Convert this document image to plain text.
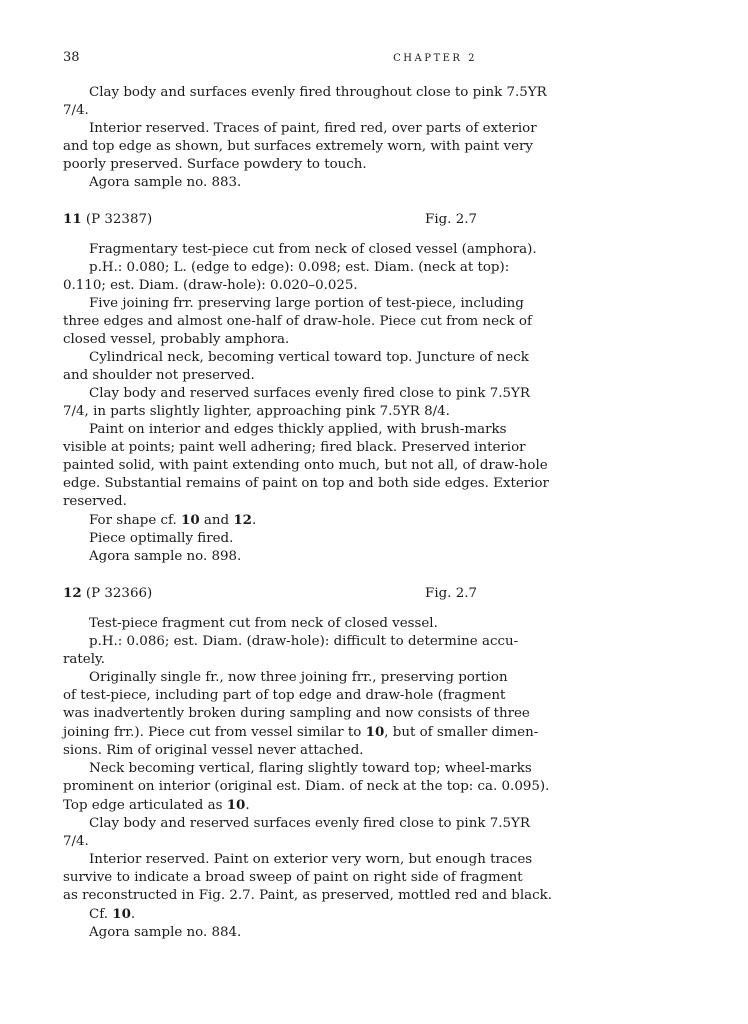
38	CHAPTER 2

Clay body and surfaces evenly fired throughout close to pink 7.5YR

7/4.

Interior reserved. Traces of paint, fired red, over parts of exterior

and top edge as shown, but surfaces extremely worn, with paint very

poorly preserved. Surface powdery to touch.

Agora sample no. 883.

11 (P 32387)	Fig. 2.7

Fragmentary test-piece cut from neck of closed vessel (amphora).

p.H.: 0.080; L. (edge to edge): 0.098; est. Diam. (neck at top):

0.110; est. Diam. (draw-hole): 0.020–0.025.

Five joining frr. preserving large portion of test-piece, including

three edges and almost one-half of draw-hole. Piece cut from neck of

closed vessel, probably amphora.

Cylindrical neck, becoming vertical toward top. Juncture of neck

and shoulder not preserved.

Clay body and reserved surfaces evenly fired close to pink 7.5YR

7/4, in parts slightly lighter, approaching pink 7.5YR 8/4.

Paint on interior and edges thickly applied, with brush-marks

visible at points; paint well adhering; fired black. Preserved interior

painted solid, with paint extending onto much, but not all, of draw-hole

edge. Substantial remains of paint on top and both side edges. Exterior

reserved.

For shape cf. 10 and 12.

Piece optimally fired.

Agora sample no. 898.

12 (P 32366)	Fig. 2.7

Test-piece fragment cut from neck of closed vessel.

p.H.: 0.086; est. Diam. (draw-hole): difficult to determine accu-

rately.

Originally single fr., now three joining frr., preserving portion

of test-piece, including part of top edge and draw-hole (fragment

was inadvertently broken during sampling and now consists of three

joining frr.). Piece cut from vessel similar to 10, but of smaller dimen-

sions. Rim of original vessel never attached.

Neck becoming vertical, flaring slightly toward top; wheel-marks

prominent on interior (original est. Diam. of neck at the top: ca. 0.095).

Top edge articulated as 10.

Clay body and reserved surfaces evenly fired close to pink 7.5YR

7/4.

Interior reserved. Paint on exterior very worn, but enough traces

survive to indicate a broad sweep of paint on right side of fragment

as reconstructed in Fig. 2.7. Paint, as preserved, mottled red and black.

Cf. 10.

Agora sample no. 884.
